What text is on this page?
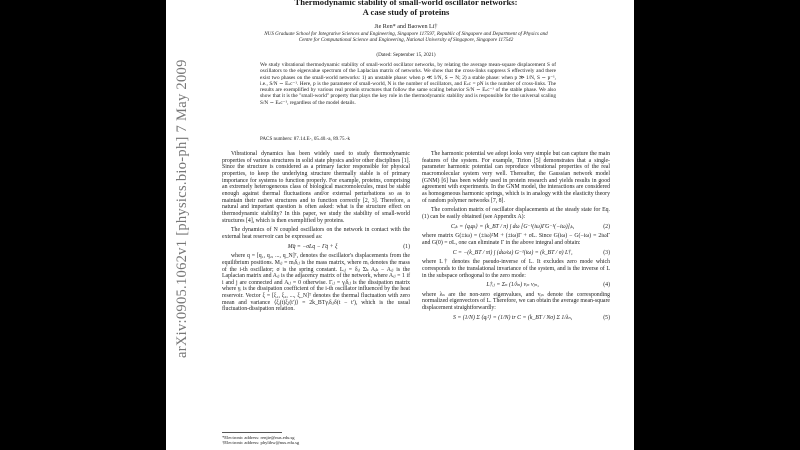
arXiv:0905.1062v1 [physics.bio-ph] 7 May 2009
Thermodynamic stability of small-world oscillator networks:
A case study of proteins
Jie Ren* and Baowen Li†
NUS Graduate School for Integrative Sciences and Engineering, Singapore 117597, Republic of Singapore and Department of Physics and Centre for Computational Science and Engineering, National University of Singapore, Singapore 117542
(Dated: September 15, 2021)
We study vibrational thermodynamic stability of small-world oscillator networks, by relating the average mean-square displacement S of oscillators to the eigenvalue spectrum of the Laplacian matrix of networks. We show that the cross-links suppress S effectively and there exist two phases on the small-world networks: 1) an unstable phase: when p ≪ 1/N, S ∼ N; 2) a stable phase: when p ≫ 1/N, S ∼ p⁻¹, i.e., S/N ∼ Eₛc⁻¹. Here, p is the parameter of small-world, N is the number of oscillators, and Eₛc = pN is the number of cross-links. The results are exemplified by various real protein structures that follow the same scaling behavior S/N ∼ Eₛc⁻¹ of the stable phase. We also show that it is the "small-world" property that plays the key role in the thermodynamic stability and is responsible for the universal scaling S/N ∼ Eₛc⁻¹, regardless of the model details.
PACS numbers: 87.14.E-, 05.40.-a, 89.75.-k

Vibrational dynamics has been widely used to study thermodynamic properties of various structures in solid state physics and/or other disciplines [1]. Since the structure is considered as a primary factor responsible for physical properties, to keep the underlying structure thermally stable is of primary importance for systems to function properly. For example, proteins, comprising an extremely heterogeneous class of biological macromolecules, must be stable enough against thermal fluctuations and/or external perturbations so as to maintain their native structures and to function correctly [2, 3]. Therefore, a natural and important question is often asked: what is the structure effect on thermodynamic stability? In this paper, we study the stability of small-world structures [4], which is then exemplified by proteins.

The dynamics of N coupled oscillators on the network in contact with the external heat reservoir can be expressed as:

Mq̈ = −σLq − Γq̇ + ξ	(1)

where q = [q₁, q₂, ..., q_N]ᵀ, denotes the oscillator's displacements from the equilibrium positions. Mᵢⱼ = mᵢδᵢⱼ is the mass matrix, where mᵢ denotes the mass of the i-th oscillator; σ is the spring constant. Lᵢⱼ = δᵢⱼ Σₖ Aᵢₖ − Aᵢⱼ is the Laplacian matrix and Aᵢⱼ is the adjacency matrix of the network, where Aᵢⱼ = 1 if i and j are connected and Aᵢⱼ = 0 otherwise. Γᵢⱼ = γᵢδᵢⱼ is the dissipation matrix where γᵢ is the dissipation coefficient of the i-th oscillator influenced by the heat reservoir. Vector ξ = [ξ₁, ξ₂, ..., ξ_N]ᵀ denotes the thermal fluctuation with zero mean and variance ⟨ξᵢ(t)ξⱼ(t′)⟩ = 2k_BTγᵢδᵢⱼδ(t − t′), which is the usual fluctuation-dissipation relation.

*Electronic address: renjie@nus.edu.sg
†Electronic address: phylibw@nus.edu.sg

The harmonic potential we adopt looks very simple but can capture the main features of the system. For example, Tirion [5] demonstrates that a single-parameter harmonic potential can reproduce vibrational properties of the real macromolecular system very well. Thereafter, the Gaussian network model (GNM) [6] has been widely used in protein research and yields results in good agreement with experiments. In the GNM model, the interactions are considered as homogeneous harmonic springs, which is in analogy with the elasticity theory of random polymer networks [7, 8].

The correlation matrix of oscillator displacements at the steady state for Eq. (1) can be easily obtained (see Appendix A):

Cᵢₖ = ⟨qᵢqₖ⟩ = (k_BT / π) ∫ dω [G⁻¹(iω)ΓG⁻¹(−iω)]ᵢₖ,	(2)

where matrix G(±iω) = (±iω)²M + (±iω)Γ + σL. Since G(iω) − G(−iω) = 2iωΓ and G(0) = σL, one can eliminate Γ in the above integral and obtain:

C = −(k_BT / πi) ∫ (dω/ω) G⁻¹(iω) = (k_BT / σ) L†,	(3)

where L† denotes the pseudo-inverse of L. It excludes zero mode which corresponds to the translational invariance of the system, and is the inverse of L in the subspace orthogonal to the zero mode:

L†ᵢⱼ = Σₙ (1/λₙ) vᵢₙ vⱼₙ,	(4)

where λₙ are the non-zero eigenvalues, and vᵢₙ denote the corresponding normalized eigenvectors of L. Therefore, we can obtain the average mean-square displacement straightforwardly:

S = (1/N) Σ ⟨qᵢ²⟩ = (1/N) tr C = (k_BT / Nσ) Σ 1/λₙ,	(5)
